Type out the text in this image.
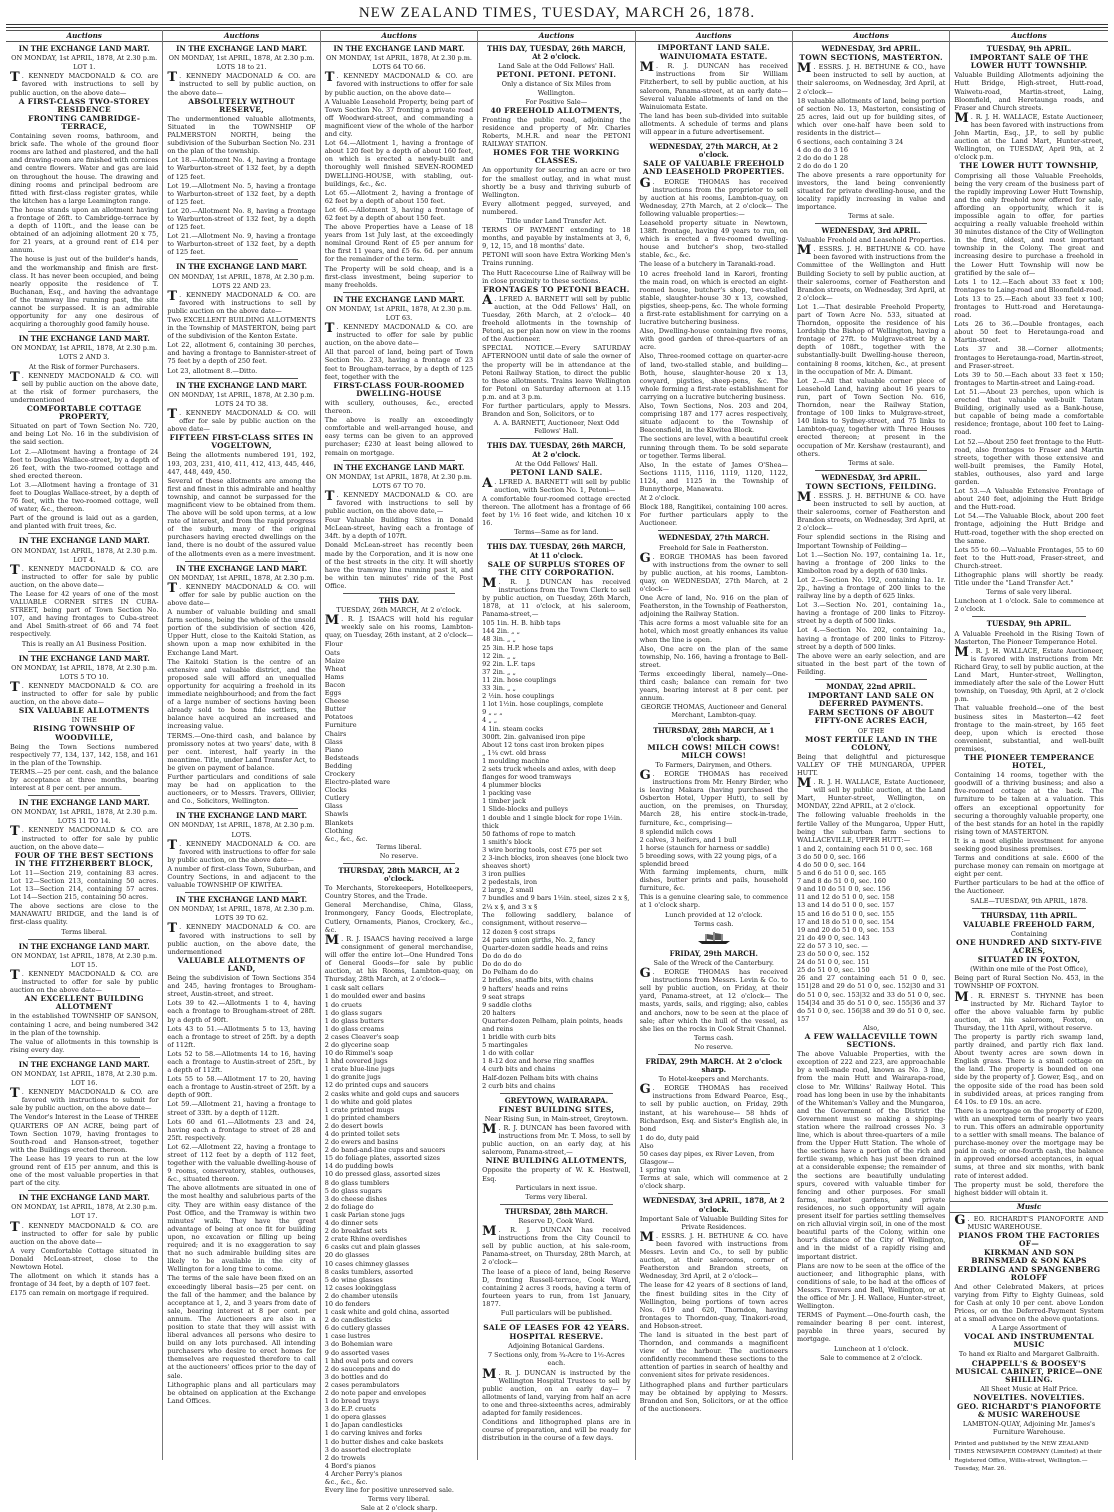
NEW ZEALAND TIMES, TUESDAY, MARCH 26, 1878.
Auctions

IN THE EXCHANGE LAND MART.

ON MONDAY, 1st APRIL, 1878, At 2.30 p.m.

LOT 1.

T . KENNEDY MACDONALD & CO. are favored with instructions to sell by public auction, on the above date—

A FIRST-CLASS TWO-STOREY RESIDENCE

FRONTING CAMBRIDGE-TERRACE,

Containing seven rooms, bathroom, and brick safe. The whole of the ground floor rooms are lathed and plastered, and the hall and drawing-room are finished with cornices and centre flowers. Water and gas are laid on throughout the house. The drawing and dining rooms and principal bedroom are fitted with first-class register grates, while the kitchen has a large Leamington range.

The house stands upon an allotment having a frontage of 26ft. to Cambridge-terrace by a depth of 110ft., and the lease can be obtained of an adjoining allotment 20 x 75, for 21 years, at a ground rent of £14 per annum.

The house is just out of the builder's hands, and the workmanship and finish are first-class. It has never been occupied, and being nearly opposite the residence of T. Buchanan, Esq., and having the advantage of the tramway line running past, the site cannot be surpassed. It is an admirable opportunity for any one desirous of acquiring a thoroughly good family house.

IN THE EXCHANGE LAND MART.

ON MONDAY, 1st APRIL, 1878, At 2.30 p.m.

LOTS 2 AND 3.

At the Risk of former Purchasers.

T . KENNEDY MACDONALD & CO. will sell by public auction on the above date, at the risk of former purchasers, the undermentioned

COMFORTABLE COTTAGE PROPERTY,

Situated on part of Town Section No. 720, and being Lot No. 16 in the subdivision of the said section.

Lot 2.—Allotment having a frontage of 24 feet to Douglas Wallace-street, by a depth of 26 feet, with the two-roomed cottage and shed erected thereon.

Lot 3.—Allotment having a frontage of 31 feet to Douglas Wallace-street, by a depth of 76 feet, with the two-roomed cottage, well of water, &c., thereon.

Part of the ground is laid out as a garden, and planted with fruit trees, &c.

IN THE EXCHANGE LAND MART.

ON MONDAY, 1st APRIL, 1878, At 2.30 p.m.

LOT 4.

T . KENNEDY MACDONALD & CO. are instructed to offer for sale by public auction, on the above date—

The Lease for 42 years of one of the most VALUABLE CORNER SITES IN CUBA-STREET, being part of Town Section No. 107, and having frontages to Cuba-street and Abel Smith-street of 66 and 74 feet respectively.

This is really an A1 Business Position.

IN THE EXCHANGE LAND MART.

ON MONDAY, 1st APRIL, 1878, At 2.30 p.m.

LOTS 5 TO 10.

T . KENNEDY MACDONALD & CO. are instructed to offer for sale by public auction, on the above date—

SIX VALUABLE ALLOTMENTS

IN THE

RISING TOWNSHIP OF WOODVILLE,

Being the Town Sections numbered respectively 77, 134, 137, 142, 158, and 161 in the plan of the Township.

TERMS.—25 per cent. cash, and the balance by acceptance at three months, bearing interest at 8 per cent. per annum.

IN THE EXCHANGE LAND MART.

ON MONDAY, 1st APRIL, 1878, At 2.30 p.m.

LOTS 11 TO 14.

T . KENNEDY MACDONALD & CO. are instructed to offer for sale by public auction, on the above date—

FOUR OF THE BEST SECTIONS IN THE FITZHERBERT BLOCK,

Lot 11—Section 219, containing 83 acres. Lot 12—Section 213, containing 50 acres. Lot 13—Section 214, containing 57 acres. Lot 14—Section 215, containing 50 acres.

The above sections are close to the MANAWATU BRIDGE, and the land is of first-class quality.

Terms liberal.

IN THE EXCHANGE LAND MART.

ON MONDAY, 1st APRIL, 1878, At 2.30 p.m.

LOT 15.

T . KENNEDY MACDONALD & CO. are instructed to offer for sale by public auction on the above date—

AN EXCELLENT BUILDING ALLOTMENT

in the established TOWNSHIP OF SANSON, containing 1 acre, and being numbered 342 in the plan of the township.

The value of allotments in this township is rising every day.

IN THE EXCHANGE LAND MART.

ON MONDAY, 1st APRIL, 1878, At 2.30 p.m.

LOT 16.

T . KENNEDY MACDONALD & CO. are favored with instructions to submit for sale by public auction, on the above date—

The Vendor's Interest in the Lease of THREE QUARTERS OF AN ACRE, being part of Town Section 1079, having frontages to South-road and Hanson-street, together with the Buildings erected thereon.

The Lease has 19 years to run at the low ground rent of £15 per annum, and this is one of the most valuable properties in that part of the city.

IN THE EXCHANGE LAND MART.

ON MONDAY, 1st APRIL, 1878, At 2.30 p.m.

LOT 17.

T . KENNEDY MACDONALD & CO. are instructed to offer for sale by public auction on the above date—

A very Comfortable Cottage situated in Donald McLean-street, close to the Newtown Hotel.

The allotment on which it stands has a frontage of 34 feet, by a depth of 107 feet.

£175 can remain on mortgage if required.

Auctions

IN THE EXCHANGE LAND MART.

ON MONDAY, 1st APRIL, 1878, At 2.30 p.m.

LOTS 18 to 21.

T . KENNEDY MACDONALD & CO. are instructed to sell by public auction, on the above date—

ABSOLUTELY WITHOUT RESERVE,

The undermentioned valuable allotments, Situated in the TOWNSHIP OF PALMERSTON NORTH, being the subdivision of the Suburban Section No. 231 on the plan of the township.

Lot 18.—Allotment No. 4, having a frontage to Warburton-street of 132 feet, by a depth of 125 feet.

Lot 19.—Allotment No. 5, having a frontage to Warburton-street of 132 feet, by a depth of 125 feet.

Lot 20.—Allotment No. 8, having a frontage to Warburton-street of 132 feet, by a depth of 125 feet.

Lot 21.—Allotment No. 9, having a frontage to Warburton-street of 132 feet, by a depth of 125 feet.

IN THE EXCHANGE LAND MART.

ON MONDAY, 1st APRIL, 1878, At 2.30 p.m.

LOTS 22 AND 23.

T . KENNEDY MACDONALD & CO. are favored with instructions to sell by public auction on the above date—

Two EXCELLENT BUILDING ALLOTMENTS in the Township of MASTERTON, being part of the subdivision of the Kenton Estate.

Lot 22, allotment 6, containing 30 perches, and having a frontage to Bannister-street of 75 feet by a depth of 250 feet.

Lot 23, allotment 8.—Ditto.

IN THE EXCHANGE LAND MART.

ON MONDAY, 1st APRIL, 1878, At 2.30 p.m.

LOTS 24 TO 38.

T . KENNEDY MACDONALD & CO. will offer for sale by public auction on the above date—

FIFTEEN FIRST-CLASS SITES IN VOGELTOWN,

Being the allotments numbered 191, 192, 193, 203, 231, 410, 411, 412, 413, 445, 446, 447, 448, 449, 450.

Several of these allotments are among the first and finest in this admirable and healthy township, and cannot be surpassed for the magnificent view to be obtained from them. The above will be sold upon terms, at a low rate of interest, and from the rapid progress of the suburb, many of the original purchasers having erected dwellings on the land, there is no doubt of the assured value of the allotments even as a mere investment.

IN THE EXCHANGE LAND MART.

ON MONDAY, 1st APRIL, 1878, At 2.30 p.m.

T . KENNEDY MACDONALD & CO. will offer for sale by public auction on the above date—

A number of valuable building and small farm sections, being the whole of the unsold portion of the subdivision of section 426, Upper Hutt, close to the Kaitoki Station, as shown upon a map now exhibited in the Exchange Land Mart.

The Kaitoki Station is the centre of an extensive and valuable district, and the proposed sale will afford an unequalled opportunity for acquiring a freehold in its immediate neighbourhood; and from the fact of a large number of sections having been already sold to bona fide settlers, the balance have acquired an increased and increasing value.

TERMS.—One-third cash, and balance by promissory notes at two years' date, with 8 per cent. interest, half yearly in the meantime. Title, under Land Transfer Act, to be given on payment of balance.

Further particulars and conditions of sale may be had on application to the auctioneers, or to Messrs. Travers, Ollivier, and Co., Solicitors, Wellington.

IN THE EXCHANGE LAND MART.

ON MONDAY, 1st APRIL, 1878, At 2.30 p.m.

LOTS.

T . KENNEDY MACDONALD & CO. are favored with instructions to offer for sale by public auction, on the above date—

A number of first-class Town, Suburban, and Country Sections, in and adjacent to the valuable TOWNSHIP OF KIWITEA.

IN THE EXCHANGE LAND MART.

ON MONDAY, 1st APRIL, 1878, At 2.30 p.m.

LOTS 39 TO 62.

T . KENNEDY MACDONALD & CO. are favored with instructions to sell by public auction, on the above date, the undermentioned

VALUABLE ALLOTMENTS OF LAND,

Being the subdivision of Town Sections 354 and 245, having frontages to Brougham-street, Austin-street, and street.

Lots 39 to 42.—Allotments 1 to 4, having each a frontage to Brougham-street of 28ft. by a depth of 90ft.

Lots 43 to 51.—Allotments 5 to 13, having each a frontage to street of 25ft. by a depth of 112ft.

Lots 52 to 58.—Allotments 14 to 16, having each a frontage to Austin-street of 25ft., by a depth of 112ft.

Lots 55 to 58.—Allotment 17 to 20, having each a frontage to Austin-street of 25ft. by a depth of 90ft.

Lot 59.—Allotment 21, having a frontage to street of 33ft. by a depth of 112ft.

Lots 60 and 61.—Allotments 23 and 24, having each a frontage to street of 28 and 25ft. respectively.

Lot 62.—Allotment 22, having a frontage to street of 112 feet by a depth of 112 feet, together with the valuable dwelling-house of 9 rooms, conservatory, stables, outhouses, &c., situated thereon.

The above allotments are situated in one of the most healthy and salubrious parts of the city. They are within easy distance of the Post Office, and the Tramway is within two minutes' walk. They have the great advantage of being at once fit for building upon, no excavation or filling up being required; and it is no exaggeration to say that no such admirable building sites are likely to be available in the city of Wellington for a long time to come.

The terms of the sale have been fixed on an exceedingly liberal basis—25 per cent. on the fall of the hammer, and the balance by acceptance at 1, 2, and 3 years from date of sale, bearing interest at 8 per cent. per annum. The Auctioneers are also in a position to state that they will assist with liberal advances all persons who desire to build on any lots purchased. All intending purchasers who desire to erect homes for themselves are requested therefore to call at the auctioneers' offices prior to the day of sale.

Lithographic plans and all particulars may be obtained on application at the Exchange Land Offices.

Auctions

IN THE EXCHANGE LAND MART.

ON MONDAY, 1st APRIL, 1878, At 2.30 p.m.

LOTS 64 TO 66.

T . KENNEDY MACDONALD & CO. are favored with instructions to offer for sale by public auction, on the above date—

A Valuable Leasehold Property, being part of Town Section No. 37 fronting a private road off Woodward-street, and commanding a magnificent view of the whole of the harbor and city.

Lot 64.—Allotment 1, having a frontage of about 120 feet by a depth of about 160 feet, on which is erected a newly-built and thoroughly well finished SEVEN-ROOMED DWELLING-HOUSE, with stabling, out-buildings, &c., &c.

Lot 65.—Allotment 2, having a frontage of 62 feet by a depth of about 150 feet.

Lot 66.—Allotment 3, having a frontage of 62 feet by a depth of about 150 feet.

The above Properties have a Lease of 18 years from 1st July last, at the exceedingly nominal Ground Rent of £5 per annum for the first 11 years, and £5 6s. 6d. per annum for the remainder of the term.

The Property will be sold cheap, and is a first-class investment, being superior to many freeholds.

IN THE EXCHANGE LAND MART.

ON MONDAY, 1st APRIL, 1878, At 2.30 p.m.

LOT 63.

T . KENNEDY MACDONALD & CO. are instructed to offer for sale by public auction, on the above date—

All that parcel of land, being part of Town Section No. 233, having a frontage of 23 feet to Brougham-terrace, by a depth of 125 feet, together with the

FIRST-CLASS FOUR-ROOMED DWELLING-HOUSE

with scullery, outhouses, &c., erected thereon.

The above is really an exceedingly comfortable and well-arranged house, and easy terms can be given to an approved purchaser; £230 at least being allowed to remain on mortgage.

IN THE EXCHANGE LAND MART.

ON MONDAY, 1st APRIL, 1878, At 2.30 p.m.

LOTS 67 TO 70.

T . KENNEDY MACDONALD & CO. are favored with instructions to sell by public auction, on the above date,—

Four Valuable Building Sites in Donald McLean-street, having each a frontage of 34ft. by a depth of 107ft.

Donald McLean-street has recently been made by the Corporation, and it is now one of the best streets in the city. It will shortly have the tramway line running past it, and be within ten minutes' ride of the Post Office.

THIS DAY.

TUESDAY, 26th MARCH, At 2 o'clock.

M . R. J. ISAACS will hold his regular weekly sale on his rooms, Lambton-quay, on Tuesday, 26th instant, at 2 o'clock—

Flour
Oats
Maize
Wheat
Hams
Bacon
Eggs
Cheese
Butter
Potatoes
Furniture
Chairs
Glass
Piano
Bedsteads
Bedding
Crockery
Electro-plated ware
Clocks
Cutlery
Glass
Shawls
Blankets
Clothing
&c., &c., &c.

Terms liberal.

No reserve.

THURSDAY, 28th MARCH, At 2 o'clock.

To Merchants, Storekeepers, Hotelkeepers, Country Stores, and the Trade.

General Merchandise, China, Glass, Ironmongery, Fancy Goods, Electroplate, Cutlery, Ornaments, Pianos, Crockery, &c., &c.

M . R. J. ISAACS having received a large consignment of general merchandise, will offer the entire lot—One Hundred Tons of General Goods—for sale by public auction, at his Rooms, Lambton-quay, on Thursday, 28th March, at 2 o'clock—

1 cask salt cellars
1 do moulded ewer and basins
1 do cruets
1 do glass sugars
1 do glass butters
1 do glass creams
2 cases Cleaver's soap
2 do glycerine soap
10 do Rimmel's soap
1 hhd covered jugs
1 crate blue-line jugs
1 do granite jugs
12 do printed cups and saucers
2 casks white and gold cups and saucers
1 do white and gold plates
1 crate printed mugs
1 do printed chambers
2 do desert bowls
4 do printed toilet sets
2 do ewers and basins
2 do band-and-line cups and saucers
15 do foliage plates, assorted sizes
14 do pudding bowls
10 do pressed glass, assorted sizes
8 do glass tumblers
5 do glass sugars
3 do cheese dishes
2 do foliage do
1 cask Parian stone jugs
4 do dinner sets
2 do breakfast sets
2 crate Rhine overdishes
6 casks cut and plain glasses
20 do glasses
10 cases chimney glasses
8 casks tumblers, assorted
5 do wine glasses
12 cases lookingglass
2 do chamber utensils
10 do fenders
1 cask white and gold china, assorted
2 do candlesticks
6 do cutlery glasses
1 case lustres
3 do Bohemian ware
9 do assorted vases
1 hhd oval pots and covers
2 do saucepans and do
3 do bottles and do
2 cases perambulators
2 do note paper and envelopes
1 do bread trays
3 do E.P. cruets
1 do opera glasses
1 do Japan candlesticks
1 do carving knives and forks
1 do butter dishes and cake baskets
3 do assorted electroplate
2 do trowels
4 Bord's pianos
4 Archer Perry's pianos
&c., &c., &c.

Every line for positive unreserved sale.

Terms very liberal.

Sale at 2 o'clock sharp.

Auctions

THIS DAY, TUESDAY, 26th MARCH, At 2 o'clock.

Land Sale at the Odd Fellows' Hall.

PETONI. PETONI. PETONI.

Only a distance of Six Miles from Wellington.

For Positive Sale—

40 FREEHOLD ALLOTMENTS,

Fronting the public road, adjoining the residence and property of Mr. Charles Roberts, M.H.R. and near the PETONI RAILWAY STATION.

HOMES FOR THE WORKING CLASSES.

An opportunity for securing an acre or two for the smallest outlay, and in what must shortly be a busy and thriving suburb of Wellington.

Every allotment pegged, surveyed, and numbered.

Title under Land Transfer Act.

TERMS OF PAYMENT extending to 18 months, and payable by instalments at 3, 6, 9, 12, 15, and 18 months' date.

PETONI will soon have Extra Working Men's Trains running.

The Hutt Racecourse Line of Railway will be in close proximity to these sections.

FRONTAGES TO PETONI BEACH.

A . LFRED A. BARNETT will sell by public auction, at the Odd Fellows' Hall, on Tuesday, 26th March, at 2 o'clock— 40 freehold allotments in the township of Petoni, as per plan now on view in the rooms of the Auctioneer.

SPECIAL NOTICE.—Every SATURDAY AFTERNOON until date of sale the owner of the property will be in attendance at the Petoni Railway Station, to direct the public to these allotments. Trains leave Wellington for Petoni on Saturday afternoon at 1.15 p.m. and at 3 p.m.

For further particulars, apply to Messrs. Brandon and Son, Solicitors, or to

A. A. BARNETT, Auctioneer, Next Odd Fellows' Hall.

THIS DAY. TUESDAY, 26th MARCH, At 2 o'clock.

At the Odd Fellows' Hall.

PETONI LAND SALE.

A . LFRED A. BARNETT will sell by public auction, with Section No. 1, Petoni—

A comfortable four-roomed cottage erected thereon. The allotment has a frontage of 66 feet by 1½ 16 feet wide, and kitchen 10 x 16.

Terms—Same as for land.

THIS DAY. TUESDAY, 26th MARCH, At 11 o'clock.

SALE OF SURPLUS STORES OF THE CITY CORPORATION.

M . R. J. DUNCAN has received instructions from the Town Clerk to sell by public auction, on Tuesday, 26th March, 1878, at 11 o'clock, at his saleroom, Panama-street,—

105 1in. H. B. hibb taps
144 2in. „ „
48 3in. „ „
25 3in. H.P. hose taps
12 2in. „ „
92 2in. L.F. taps
37 2in. „ „
11 2in. hose couplings
33 3in. „ „
2 ½in. hose couplings
1 lot 1½in. hose couplings, complete
9 „ „ „
4 „ „
4 1in. steam cocks
300ft. 2in. galvanised iron pipe
About 12 tons cast iron broken pipes
„ 1¼ cwt. old brass
1 moulding machine
2 sets truck wheels and axles, with deep flanges for wood tramways
4 plummer blocks
1 packing vase
1 timber jack
1 Slide-blocks and pulleys
1 double and 1 single block for rope 1½in. thick
50 fathoms of rope to match
1 smith's block
3 wire boring tools, cost £75 per set
2 3-inch blocks, iron sheaves (one block two sheaves short)
3 iron pullies
2 pedestals, iron
2 large, 2 small
7 bundles and 9 bars 1½in. steel, sizes 2 x §, 2¼ x §, and 3 x §

The following saddlery, balance of consignment, without reserve—

12 dozen § cost straps
24 pairs union girths, No. 2, fancy
Quarter-dozen saddle heads and reins
Do do do do
Do do do do
Do Pelham do do
2 bridles, snaffle bits, with chains
9 hafters' heads and reins
9 seat straps
9 saddle cloths
20 halters
Quarter-dozen Pelham, plain points, heads and reins
1 bridle with curb bits
5 martingales
1 do with collar
1 8-12 doz and horse ring snaffles
4 curb bits and chains
Half-dozen Pelham bits with chains
2 curb bits and chains

GREYTOWN, WAIRARAPA.

FINEST BUILDING SITES,

Near Rising Sun, in Main-street, Greytown.

M . R. J. DUNCAN has been favored with instructions from Mr. T. Moss, to sell by public auction, on an early day, at his saleroom, Panama-street,—

NINE BUILDING ALLOTMENTS,

Opposite the property of W. K. Hestwell, Esq.

Particulars in next issue.

Terms very liberal.

THURSDAY, 28th MARCH.

Reserve D, Cook Ward.

M . R. J. DUNCAN has received instructions from the City Council to sell by public auction, at his sale-room, Panama-street, on Thursday, 28th March, at 2 o'clock—

The lease of a piece of land, being Reserve D, fronting Russell-terrace, Cook Ward, containing 2 acres 3 roods, having a term of fourteen years to run, from 1st January, 1877.

Full particulars will be published.

SALE OF LEASES FOR 42 YEARS.

HOSPITAL RESERVE.

Adjoining Botanical Gardens.

7 Sections only, from ¾-Acre to 1½-Acres each.

M . R. J. DUNCAN is instructed by the Wellington Hospital Trustees to sell by public auction, on an early day— 7 allotments of land, varying from half an acre to one and three-sixteenths acres, admirably adapted for family residences.

Conditions and lithographed plans are in course of preparation, and will be ready for distribution in the course of a few days.

Auctions

IMPORTANT LAND SALE.

WAINUIOMATA ESTATE.

M . R. J. DUNCAN has received instructions from Sir William Fitzherbert, to sell by public auction, at his saleroom, Panama-street, at an early date— Several valuable allotments of land on the Wainuiomata Estate.

The land has been sub-divided into suitable allotments. A schedule of terms and plans will appear in a future advertisement.

WEDNESDAY, 27th MARCH, At 2 o'clock.

SALE OF VALUABLE FREEHOLD AND LEASEHOLD PROPERTIES.

G . EORGE THOMAS has received instructions from the proprietor to sell by auction at his rooms, Lambton-quay, on Wednesday, 27th March, at 2 o'clock— The following valuable properties:—

Leasehold property situate in Newtown, 138ft. frontage, having 49 years to run, on which is erected a five-roomed dwelling-house and butcher's shop, two-stalled stable, &c., &c.

The lease of a butchery in Taranaki-road.

10 acres freehold land in Karori, fronting the main road, on which is erected an eight-roomed house, butcher's shop, two-stalled stable, slaughter-house 30 x 13, cowshed, pigsties, sheep-pens, &c. The whole forming a first-rate establishment for carrying on a lucrative butchering business.

Also, Dwelling-house containing five rooms, with good garden of three-quarters of an acre.

Also, Three-roomed cottage on quarter-acre of land, two-stalled stable, and building—Both, house, slaughter-house 20 x 13, cowyard, pigsties, sheep-pens, &c. The whole forming a first-rate establishment for carrying on a lucrative butchering business.

Also, Town Sections, Nos. 203 and 204, comprising 187 and 177 acres respectively, situate adjacent to the Township of Beaconsfield, in the Kiwitea Block.

The sections are level, with a beautiful creek running through them. To be sold separate or together. Terms liberal.

Also, In the estate of James O'Shea— Sections 1115, 1116, 1119, 1120, 1122, 1124, and 1125 in the Township of Bunnythorpe, Manawatu.

At 2 o'clock.

Block 188, Rangitikei, containing 100 acres. For further particulars apply to the Auctioneer.

WEDNESDAY, 27th MARCH.

Freehold for Sale in Featherston.

G . EORGE THOMAS has been favored with instructions from the owner to sell by public auction, at his rooms, Lambton-quay, on WEDNESDAY, 27th March, at 2 o'clock—

One Acre of land, No. 916 on the plan of Featherston, in the Township of Featherston, adjoining the Railway Station.

This acre forms a most valuable site for an hotel, which most greatly enhances its value when the line is open.

Also, One acre on the plan of the same township, No. 166, having a frontage to Bell-street.

Terms exceedingly liberal, namely—One-third cash; balance can remain for two years, bearing interest at 8 per cent. per annum.

GEORGE THOMAS, Auctioneer and General Merchant, Lambton-quay.

THURSDAY, 28th MARCH, At 1 o'clock sharp.

MILCH COWS! MILCH COWS! MILCH COWS!

To Farmers, Dairymen, and Others.

G . EORGE THOMAS has received instructions from Mr. Henry Birder, who is leaving Makara (having purchased the Osberton Hotel, Upper Hutt), to sell by auction, on the premises, on Thursday, March 28, his entire stock-in-trade, furniture, &c., comprising—

8 splendid milch cows
2 calves, 3 heifers, and 1 bull
1 horse (staunch for harness or saddle)
5 breeding sows, with 22 young pigs, of a splendid breed

With farming implements, churn, milk dishes, butter prints and pails, household furniture, &c.

This is a genuine clearing sale, to commence at 1 o'clock sharp.

Lunch provided at 12 o'clock.

Terms cash.

FRIDAY, 29th MARCH.

Sale of the Wreck of the Canterbury.

G . EORGE THOMAS has received instructions from Messrs. Levin & Co. to sell by public auction, on Friday, at their yard, Panama-street, at 12 o'clock— The masts, yards, sails, and rigging; also, cables and anchors, now to be seen at the place of sale; after which the hull of the vessel, as she lies on the rocks in Cook Strait Channel.

Terms cash.

No reserve.

FRIDAY, 29th MARCH. At 2 o'clock sharp.

To Hotel-keepers and Merchants.

G . EORGE THOMAS has received instructions from Edward Pearce, Esq., to sell by public auction, on Friday, 29th instant, at his warehouse— 58 hhds of Richardson, Esq. and Sister's English ale, in bond

1 do do, duty paid
Also
50 cases day pipes, ex River Leven, from Glasgow—
1 spring van

Terms at sale, which will commence at 2 o'clock sharp.

WEDNESDAY, 3rd APRIL, 1878, At 2 o'clock.

Important Sale of Valuable Building Sites for Private Residences.

M . ESSRS. J. H. BETHUNE & CO. have been favored with instructions from Messrs. Levin and Co., to sell by public auction, at their salerooms, corner of Featherston and Brandon streets, on Wednesday, 3rd April, at 2 o'clock—

The lease for 42 years of 8 sections of land, the finest building sites in the City of Wellington, being portions of town acres Nos. 619 and 620, Thorndon, having frontages to Thorndon-quay, Tinakori-road, and Hobson-street.

The land is situated in the best part of Thorndon, and commands a magnificent view of the harbour. The auctioneers confidently recommend these sections to the attention of parties in search of healthy and convenient sites for private residences.

Lithographed plans and further particulars may be obtained by applying to Messrs. Brandon and Son, Solicitors, or at the office of the auctioneers.

Auctions

WEDNESDAY, 3rd APRIL.

TOWN SECTIONS, MASTERTON.

M . ESSRS. J. H. BETHUNE & CO., have been instructed to sell by auction, at their salerooms, on Wednesday, 3rd April, at 2 o'clock—

18 valuable allotments of land, being portion of section No. 13, Masterton, consisting of 25 acres, laid out up for building sites, of which over one-half have been sold to residents in the district—

6 sections, each containing 3 24
4 do do do 3 16
2 do do do 1 28
2 do do do 1 20

The above presents a rare opportunity for investors, the land being conveniently situated for private dwelling-house, and the locality rapidly increasing in value and importance.

Terms at sale.

WEDNESDAY, 3rd APRIL.

Valuable Freehold and Leasehold Properties.

M . ESSRS. J. H. BETHUNE & CO. have been favored with instructions from the Committee of the Wellington and Hutt Building Society to sell by public auction, at their salerooms, corner of Featherston and Brandon streets, on Wednesday, 3rd April, at 2 o'clock—

Lot 1.—That desirable Freehold Property, part of Town Acre No. 533, situated at Thorndon, opposite the residence of his Lordship the Bishop of Wellington, having a frontage of 27ft. to Mulgrave-street by a depth of 108ft., together with the substantially-built Dwelling-house thereon, containing 8 rooms, kitchen, &c., at present in the occupation of Mr. A. Dimant.

Lot 2.—All that valuable corner piece of Leasehold Land, having about 16 years to run, part of Town Section No. 616, Thorndon, near the Railway Station, frontage of 100 links to Mulgrave-street, 140 links to Sydney-street, and 75 links to Lambton-quay, together with Three Houses erected thereon; at present in the occupation of Mr. Kershaw (restaurant), and others.

Terms at sale.

WEDNESDAY, 3rd APRIL.

TOWN SECTIONS, FEILDING.

M . ESSRS. J. H. BETHUNE & CO. have been instructed to sell by auction, at their salerooms, corner of Featherston and Brandon streets, on Wednesday, 3rd April, at 2 o'clock—

Four splendid sections in the Rising and Important Township of Feilding—

Lot 1.—Section No. 197, containing 1a. 1r., having a frontage of 200 links to the Kimbolton road by a depth of 630 links.

Lot 2.—Section No. 192, containing 1a. 1r. 2p., having a frontage of 200 links to the railway line by a depth of 625 links.

Lot 3.—Section No. 201, containing 1a., having a frontage of 200 links to Fitzroy-street by a depth of 500 links.

Lot 4.—Section No. 202, containing 1a., having a frontage of 200 links to Fitzroy-street by a depth of 500 links.

The above were an early selection, and are situated in the best part of the town of Feilding.

MONDAY, 22nd APRIL.

IMPORTANT LAND SALE ON DEFERRED PAYMENTS.

FARM SECTIONS OF ABOUT FIFTY-ONE ACRES EACH,

OF THE

MOST FERTILE LAND IN THE COLONY,

Being that delightful and picturesque VALLEY OF THE MUNGAROA, UPPER HUTT.

M . R. J. H. WALLACE, Estate Auctioneer, will sell by public auction, at the Land Mart, Hunter-street, Wellington, on MONDAY, 22nd APRIL, at 2 o'clock.

The following valuable freeholds in the fertile Valley of the Mungaroa, Upper Hutt, being the suburban farm sections to WALLACEVILLE, UPPER HUTT:—

1 and 2, containing each 51 0 0, sec. 168
3 do 50 0 0, sec. 166
4 do 50 0 0, sec. 164
5 and 6 do 51 0 0, sec. 165
7 and 8 do 51 0 0, sec. 160
9 and 10 do 51 0 0, sec. 156
11 and 12 do 51 0 0, sec. 158
13 and 14 do 51 0 0, sec. 157
15 and 16 do 51 0 0, sec. 155
17 and 18 do 51 0 0, sec. 154
19 and 20 do 51 0 0, sec. 153
21 do 49 0 0, sec. 143
22 do 57 3 10, sec. —
23 do 50 0 0, sec. 152
24 do 51 0 0, sec. 151
25 do 51 0 0, sec. 150

26 and 27 containing each 51 0 0, sec. 151|28 and 29 do 51 0 0, sec. 152|30 and 31 do 51 0 0, sec. 153|32 and 33 do 51 0 0, sec. 154|34 and 35 do 51 0 0, sec. 155|36 and 37 do 51 0 0, sec. 156|38 and 39 do 51 0 0, sec. 157

Also,

A FEW WALLACEVILLE TOWN SECTIONS.

The above Valuable Properties, with the exception of 222 and 223, are approachable by a well-made road, known as No. 3 line, from the main Hutt and Wairarapa-road, close to Mr. Wilkins' Railway Hotel. This road has long been in use by the inhabitants of the Whiteman's Valley and the Mungaroa, and the Government of the District the Government must so making a shipping-station where the railroad crosses No. 3 line, which is about three-quarters of a mile from the Upper Hutt Station. The whole of the sections have a portion of the rich and fertile swamp, which has just been drained at a considerable expense; the remainder of the sections are beautifully undulating spurs, covered with valuable timber for fencing and other purposes. For small farms, market gardens, and private residences, no such opportunity will again present itself for parties settling themselves on rich alluvial virgin soil, in one of the most beautiful parts of the Colony, within one hour's distance of the City of Wellington, and in the midst of a rapidly rising and important district.

Plans are now to be seen at the office of the auctioneer, and lithographic plans, with conditions of sale, to be had at the offices of Messrs. Travers and Bell, Wellington, or at the office of Mr. J. H. Wallace, Hunter-street, Wellington.

TERMS of Payment.—One-fourth cash, the remainder bearing 8 per cent. interest, payable in three years, secured by mortgage.

Luncheon at 1 o'clock.

Sale to commence at 2 o'clock.

Auctions

TUESDAY, 9th APRIL.

IMPORTANT SALE OF THE LOWER HUTT TOWNSHIP.

Valuable Building Allotments adjoining the Hutt Bridge, High-street, Hutt-road, Waiwetu-road, Martin-street, Laing, Bloomfield, and Heretaunga roads, and Fraser and Church streets.

M . R. J. H. WALLACE, Estate Auctioneer, has been favored with instructions from John Martin, Esq., J.P., to sell by public auction at the Land Mart, Hunter-street, Wellington, on TUESDAY, April 9th, at 2 o'clock p.m.

THE LOWER HUTT TOWNSHIP,

Comprising all those Valuable Freeholds, being the very cream of the business part of the rapidly improving Lower Hutt Township, and the only freehold now offered for sale, affording an opportunity, which it is impossible again to offer, for parties acquiring a really valuable freehold within 30 minutes distance of the City of Wellington in the first, oldest, and most important township in the Colony. The great and increasing desire to purchase a freehold in the Lower Hutt Township will now be gratified by the sale of—

Lots 1 to 12.—Each about 33 feet x 100; frontages to Laing-road and Bloomfield-road.

Lots 13 to 25.—Each about 33 feet x 100; frontages to Hutt-road and Heretaunga-road.

Lots 26 to 36.—Double frontages, each about 50 feet to Heretaunga-road and Martin-street.

Lots 37 and 38.—Corner allotments; frontages to Heretaunga-road, Martin-street, and Fraser-street.

Lots 39 to 50.—Each about 33 feet x 150; frontages to Martin-street and Laing-road.

Lot 51.—About 23 perches, upon which is erected that valuable well-built Tatam Building, originally used as a Bank-house, but capable of being made a comfortable residence; frontage, about 100 feet to Laing-road.

Lot 52.—About 250 feet frontage to the Hutt-road, also frontages to Fraser and Martin streets, together with those extensive and well-built premises, the Family Hotel, stables, outhouses, also yard and large garden.

Lot 53.—A Valuable Extensive Frontage of about 240 feet, adjoining the Hutt Bridge and the Hutt-road.

Lot 54.—The Valuable Block, about 200 feet frontage, adjoining the Hutt Bridge and Hutt-road, together with the shop erected on the same.

Lots 55 to 60.—Valuable Frontages, 55 to 60 feet to the Hutt-road, Fraser-street, and Church-street.

Lithographic plans will shortly be ready. Title under the "Land Transfer Act."

Terms of sale very liberal.

Luncheon at 1 o'clock. Sale to commence at 2 o'clock.

TUESDAY, 9th APRIL.

A Valuable Freehold in the Rising Town of Masterton, The Pioneer Temperance Hotel.

M . R. J. H. WALLACE, Estate Auctioneer, is favored with instructions from Mr. Richard Gray, to sell by public auction, at the Land Mart, Hunter-street, Wellington, immediately after the sale of the Lower Hutt township, on Tuesday, 9th April, at 2 o'clock p.m.

That valuable freehold—one of the best business sites in Masterton—42 feet frontage to the main-street, by 165 feet deep, upon which is erected those convenient, substantial, and well-built premises,

THE PIONEER TEMPERANCE HOTEL,

Containing 14 rooms, together with the goodwill of a thriving business; and also a five-roomed cottage at the back. The furniture to be taken at a valuation. This offers an exceptional opportunity for securing a thoroughly valuable property, one of the best stands for an hotel in the rapidly rising town of MASTERTON.

It is a most eligible investment for anyone seeking good business premises.

Terms and conditions at sale. £600 of the purchase money can remain on mortgage at eight per cent.

Further particulars to be had at the office of the Auctioneer.

SALE—TUESDAY, 9th APRIL, 1878.

THURSDAY, 11th APRIL.

VALUABLE FREEHOLD FARM,

Containing

ONE HUNDRED AND SIXTY-FIVE ACRES,

SITUATED IN FOXTON,

(Within one mile of the Post Office),

Being part of Rural Section No. 453, in the TOWNSHIP OF FOXTON.

M . R. ERNEST S. THYNNE has been instructed by Mr. Richard Taylor to offer the above valuable farm by public auction, at his saleroom, Foxton, on Thursday, the 11th April, without reserve.

The property is partly rich swamp land, partly drained, and partly rich flax land. About twenty acres are sown down in English grass. There is a small cottage on the land. The property is bounded on one side by the property of J. Gower, Esq., and on the opposite side of the road has been sold in subdivided areas, at prices ranging from £4 10s. to £9 10s. an acre.

There is a mortgage on the property of £200, with an unexpired term of nearly two years to run. This offers an admirable opportunity to a settler with small means. The balance of purchase-money over the mortgage may be paid in cash; or one-fourth cash, the balance in approved endorsed acceptances, in equal sums, at three and six months, with bank rate of interest added.

The property must be sold, therefore the highest bidder will obtain it.

Music

G . EO. RICHARDT'S PIANOFORTE AND MUSIC WAREHOUSE.

PIANOS FROM THE FACTORIES OF—

KIRKMAN AND SON BRINSMEAD & SON KAPS ERDLAING AND SPANGENBERG ROLOFF

And other Celebrated Makers, at prices varying from Fifty to Eighty Guineas, sold for Cash at only 10 per cent. above London Prices, or on the Deferred-Payment System at a small advance on the above quotations.

A Large Assortment of

VOCAL AND INSTRUMENTAL MUSIC

To hand ex Rialto and Margaret Galbraith.

CHAPPELL'S & BOOSEY'S MUSICAL CABINET, PRICE—ONE SHILLING.

All Sheet Music at Half Price.

NOVELTIES. NOVELTIES.

GEO. RICHARDT'S PIANOFORTE & MUSIC WAREHOUSE

LAMBTON-QUAY, Adjoining Mr. James's Furniture Warehouse.

Printed and published by the NEW ZEALAND TIMES NEWSPAPER COMPANY (Limited) at their Registered Office, Willis-street, Wellington.—Tuesday, Mar. 26.
